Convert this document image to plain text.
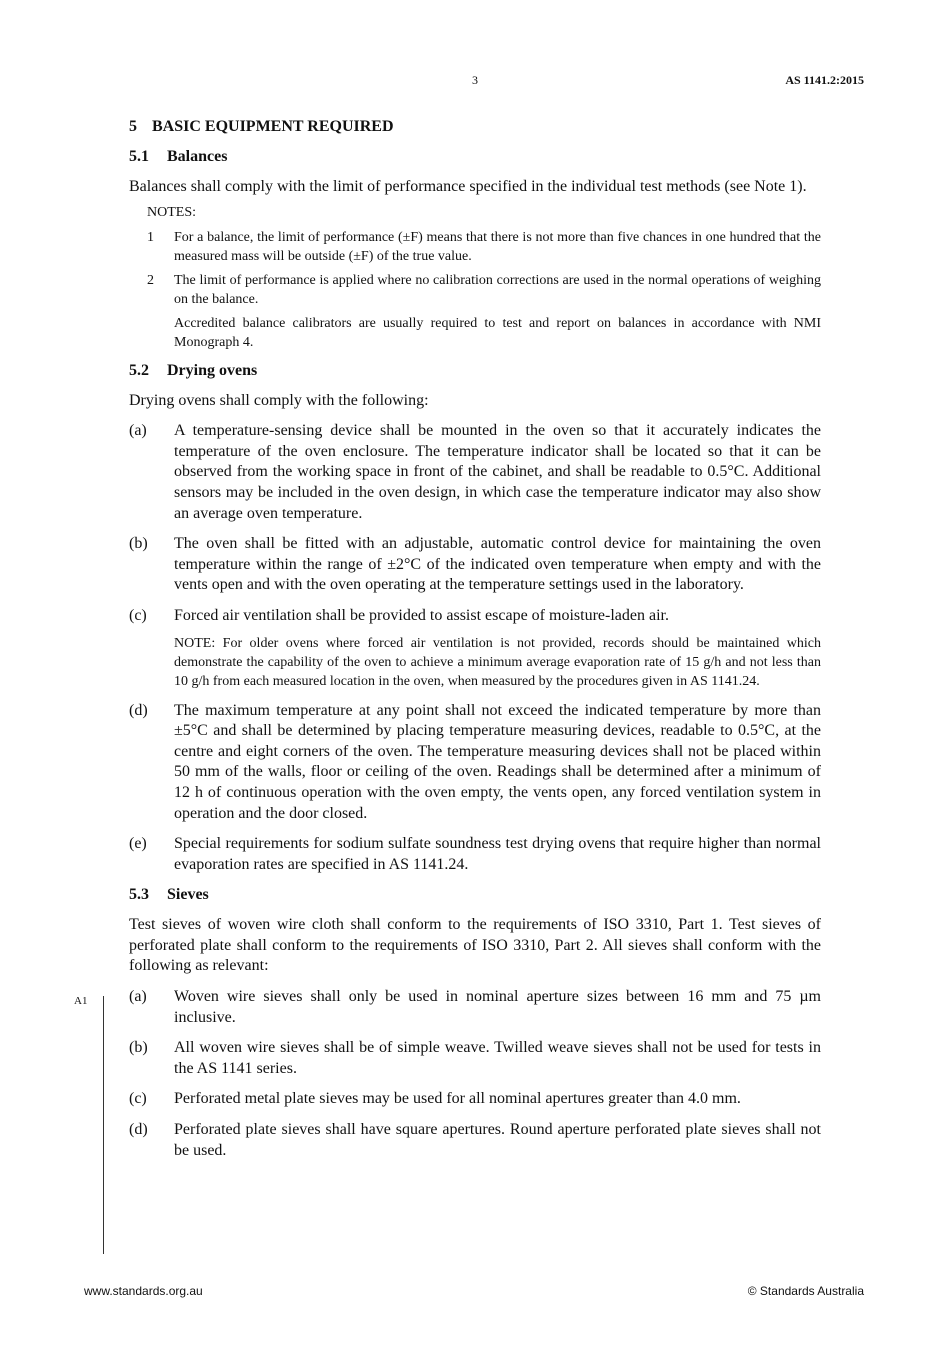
3	AS 1141.2:2015
5 BASIC EQUIPMENT REQUIRED
5.1 Balances

Balances shall comply with the limit of performance specified in the individual test methods (see Note 1).

NOTES:
1 For a balance, the limit of performance (±F) means that there is not more than five chances in one hundred that the measured mass will be outside (±F) of the true value.
2 The limit of performance is applied where no calibration corrections are used in the normal operations of weighing on the balance.
Accredited balance calibrators are usually required to test and report on balances in accordance with NMI Monograph 4.
5.2 Drying ovens

Drying ovens shall comply with the following:

(a) A temperature-sensing device shall be mounted in the oven so that it accurately indicates the temperature of the oven enclosure. The temperature indicator shall be located so that it can be observed from the working space in front of the cabinet, and shall be readable to 0.5°C. Additional sensors may be included in the oven design, in which case the temperature indicator may also show an average oven temperature.
(b) The oven shall be fitted with an adjustable, automatic control device for maintaining the oven temperature within the range of ±2°C of the indicated oven temperature when empty and with the vents open and with the oven operating at the temperature settings used in the laboratory.
(c) Forced air ventilation shall be provided to assist escape of moisture-laden air.
NOTE: For older ovens where forced air ventilation is not provided, records should be maintained which demonstrate the capability of the oven to achieve a minimum average evaporation rate of 15 g/h and not less than 10 g/h from each measured location in the oven, when measured by the procedures given in AS 1141.24.
(d) The maximum temperature at any point shall not exceed the indicated temperature by more than ±5°C and shall be determined by placing temperature measuring devices, readable to 0.5°C, at the centre and eight corners of the oven. The temperature measuring devices shall not be placed within 50 mm of the walls, floor or ceiling of the oven. Readings shall be determined after a minimum of 12 h of continuous operation with the oven empty, the vents open, any forced ventilation system in operation and the door closed.
(e) Special requirements for sodium sulfate soundness test drying ovens that require higher than normal evaporation rates are specified in AS 1141.24.
5.3 Sieves

Test sieves of woven wire cloth shall conform to the requirements of ISO 3310, Part 1. Test sieves of perforated plate shall conform to the requirements of ISO 3310, Part 2. All sieves shall conform with the following as relevant:

(a) Woven wire sieves shall only be used in nominal aperture sizes between 16 mm and 75 µm inclusive.
(b) All woven wire sieves shall be of simple weave. Twilled weave sieves shall not be used for tests in the AS 1141 series.
(c) Perforated metal plate sieves may be used for all nominal apertures greater than 4.0 mm.
(d) Perforated plate sieves shall have square apertures. Round aperture perforated plate sieves shall not be used.
A1
www.standards.org.au	© Standards Australia
